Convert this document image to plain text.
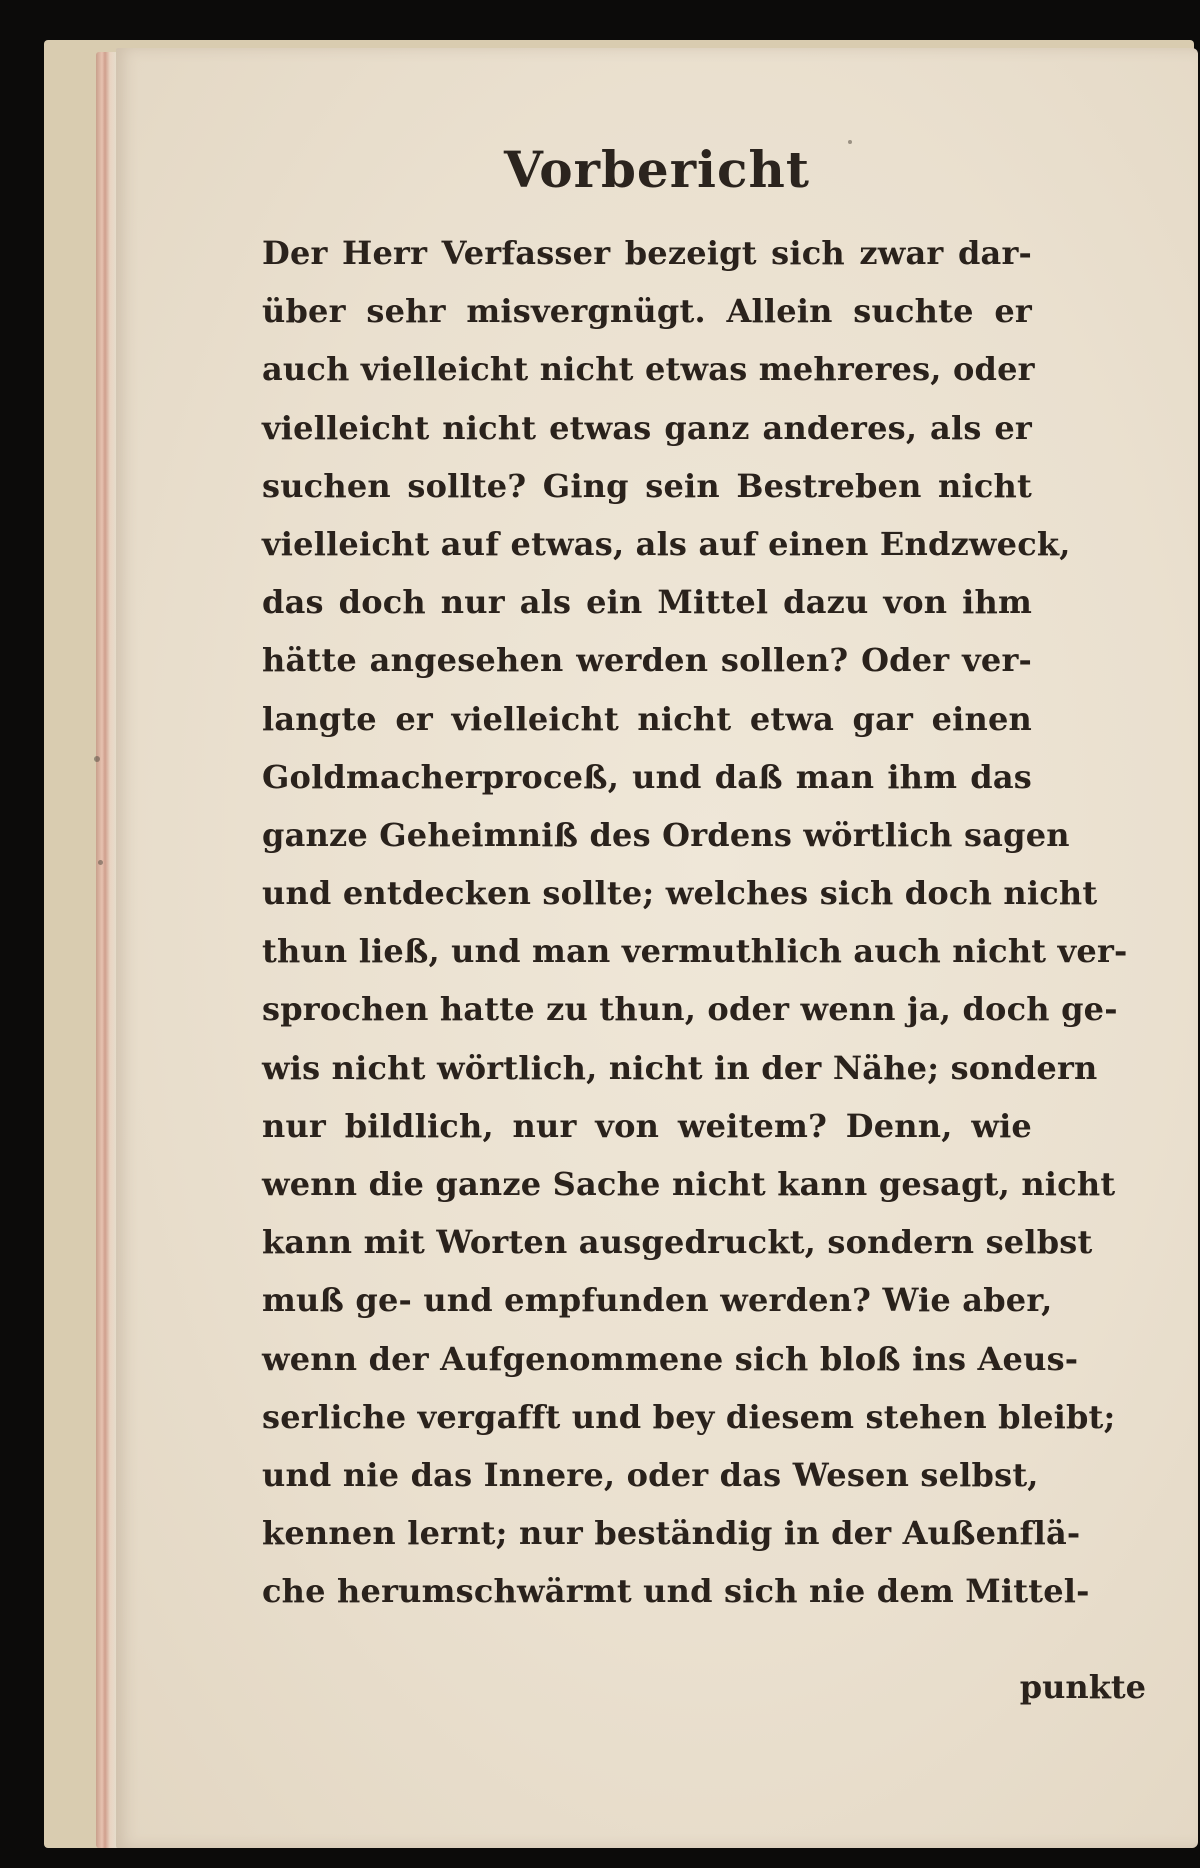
Vorbericht
Der Herr Verfasser bezeigt sich zwar dar-
über sehr misvergnügt. Allein suchte er
auch vielleicht nicht etwas mehreres, oder
vielleicht nicht etwas ganz anderes, als er
suchen sollte? Ging sein Bestreben nicht
vielleicht auf etwas, als auf einen Endzweck,
das doch nur als ein Mittel dazu von ihm
hätte angesehen werden sollen? Oder ver-
langte er vielleicht nicht etwa gar einen
Goldmacherproceß, und daß man ihm das
ganze Geheimniß des Ordens wörtlich sagen
und entdecken sollte; welches sich doch nicht
thun ließ, und man vermuthlich auch nicht ver-
sprochen hatte zu thun, oder wenn ja, doch ge-
wis nicht wörtlich, nicht in der Nähe; sondern
nur bildlich, nur von weitem? Denn, wie
wenn die ganze Sache nicht kann gesagt, nicht
kann mit Worten ausgedruckt, sondern selbst
muß ge- und empfunden werden? Wie aber,
wenn der Aufgenommene sich bloß ins Aeus-
serliche vergafft und bey diesem stehen bleibt;
und nie das Innere, oder das Wesen selbst,
kennen lernt; nur beständig in der Außenflä-
che herumschwärmt und sich nie dem Mittel-
punkte
